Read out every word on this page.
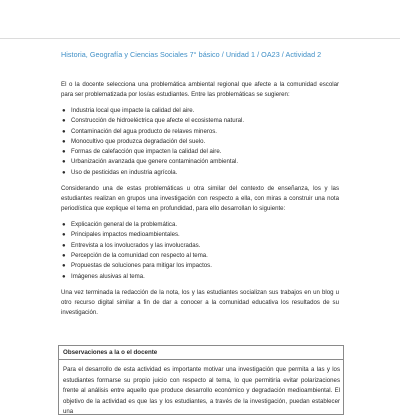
Historia, Geografía y Ciencias Sociales 7° básico / Unidad 1 / OA23 / Actividad 2

El o la docente selecciona una problemática ambiental regional que afecte a la comunidad escolar para ser problematizada por los/as estudiantes. Entre las problemáticas se sugieren:

● Industria local que impacte la calidad del aire.
● Construcción de hidroeléctrica que afecte el ecosistema natural.
● Contaminación del agua producto de relaves mineros.
● Monocultivo que produzca degradación del suelo.
● Formas de calefacción que impacten la calidad del aire.
● Urbanización avanzada que genere contaminación ambiental.
● Uso de pesticidas en industria agrícola.

Considerando una de estas problemáticas u otra similar del contexto de enseñanza, los y las estudiantes realizan en grupos una investigación con respecto a ella, con miras a construir una nota periodística que explique el tema en profundidad, para ello desarrollan lo siguiente:

● Explicación general de la problemática.
● Principales impactos medioambientales.
● Entrevista a los involucrados y las involucradas.
● Percepción de la comunidad con respecto al tema.
● Propuestas de soluciones para mitigar los impactos.
● Imágenes alusivas al tema.

Una vez terminada la redacción de la nota, los y las estudiantes socializan sus trabajos en un blog u otro recurso digital similar a fin de dar a conocer a la comunidad educativa los resultados de su investigación.

Observaciones a la o el docente
Para el desarrollo de esta actividad es importante motivar una investigación que permita a las y los estudiantes formarse su propio juicio con respecto al tema, lo que permitiría evitar polarizaciones frente al análisis entre aquello que produce desarrollo económico y degradación medioambiental. El objetivo de la actividad es que las y los estudiantes, a través de la investigación, puedan establecer una
